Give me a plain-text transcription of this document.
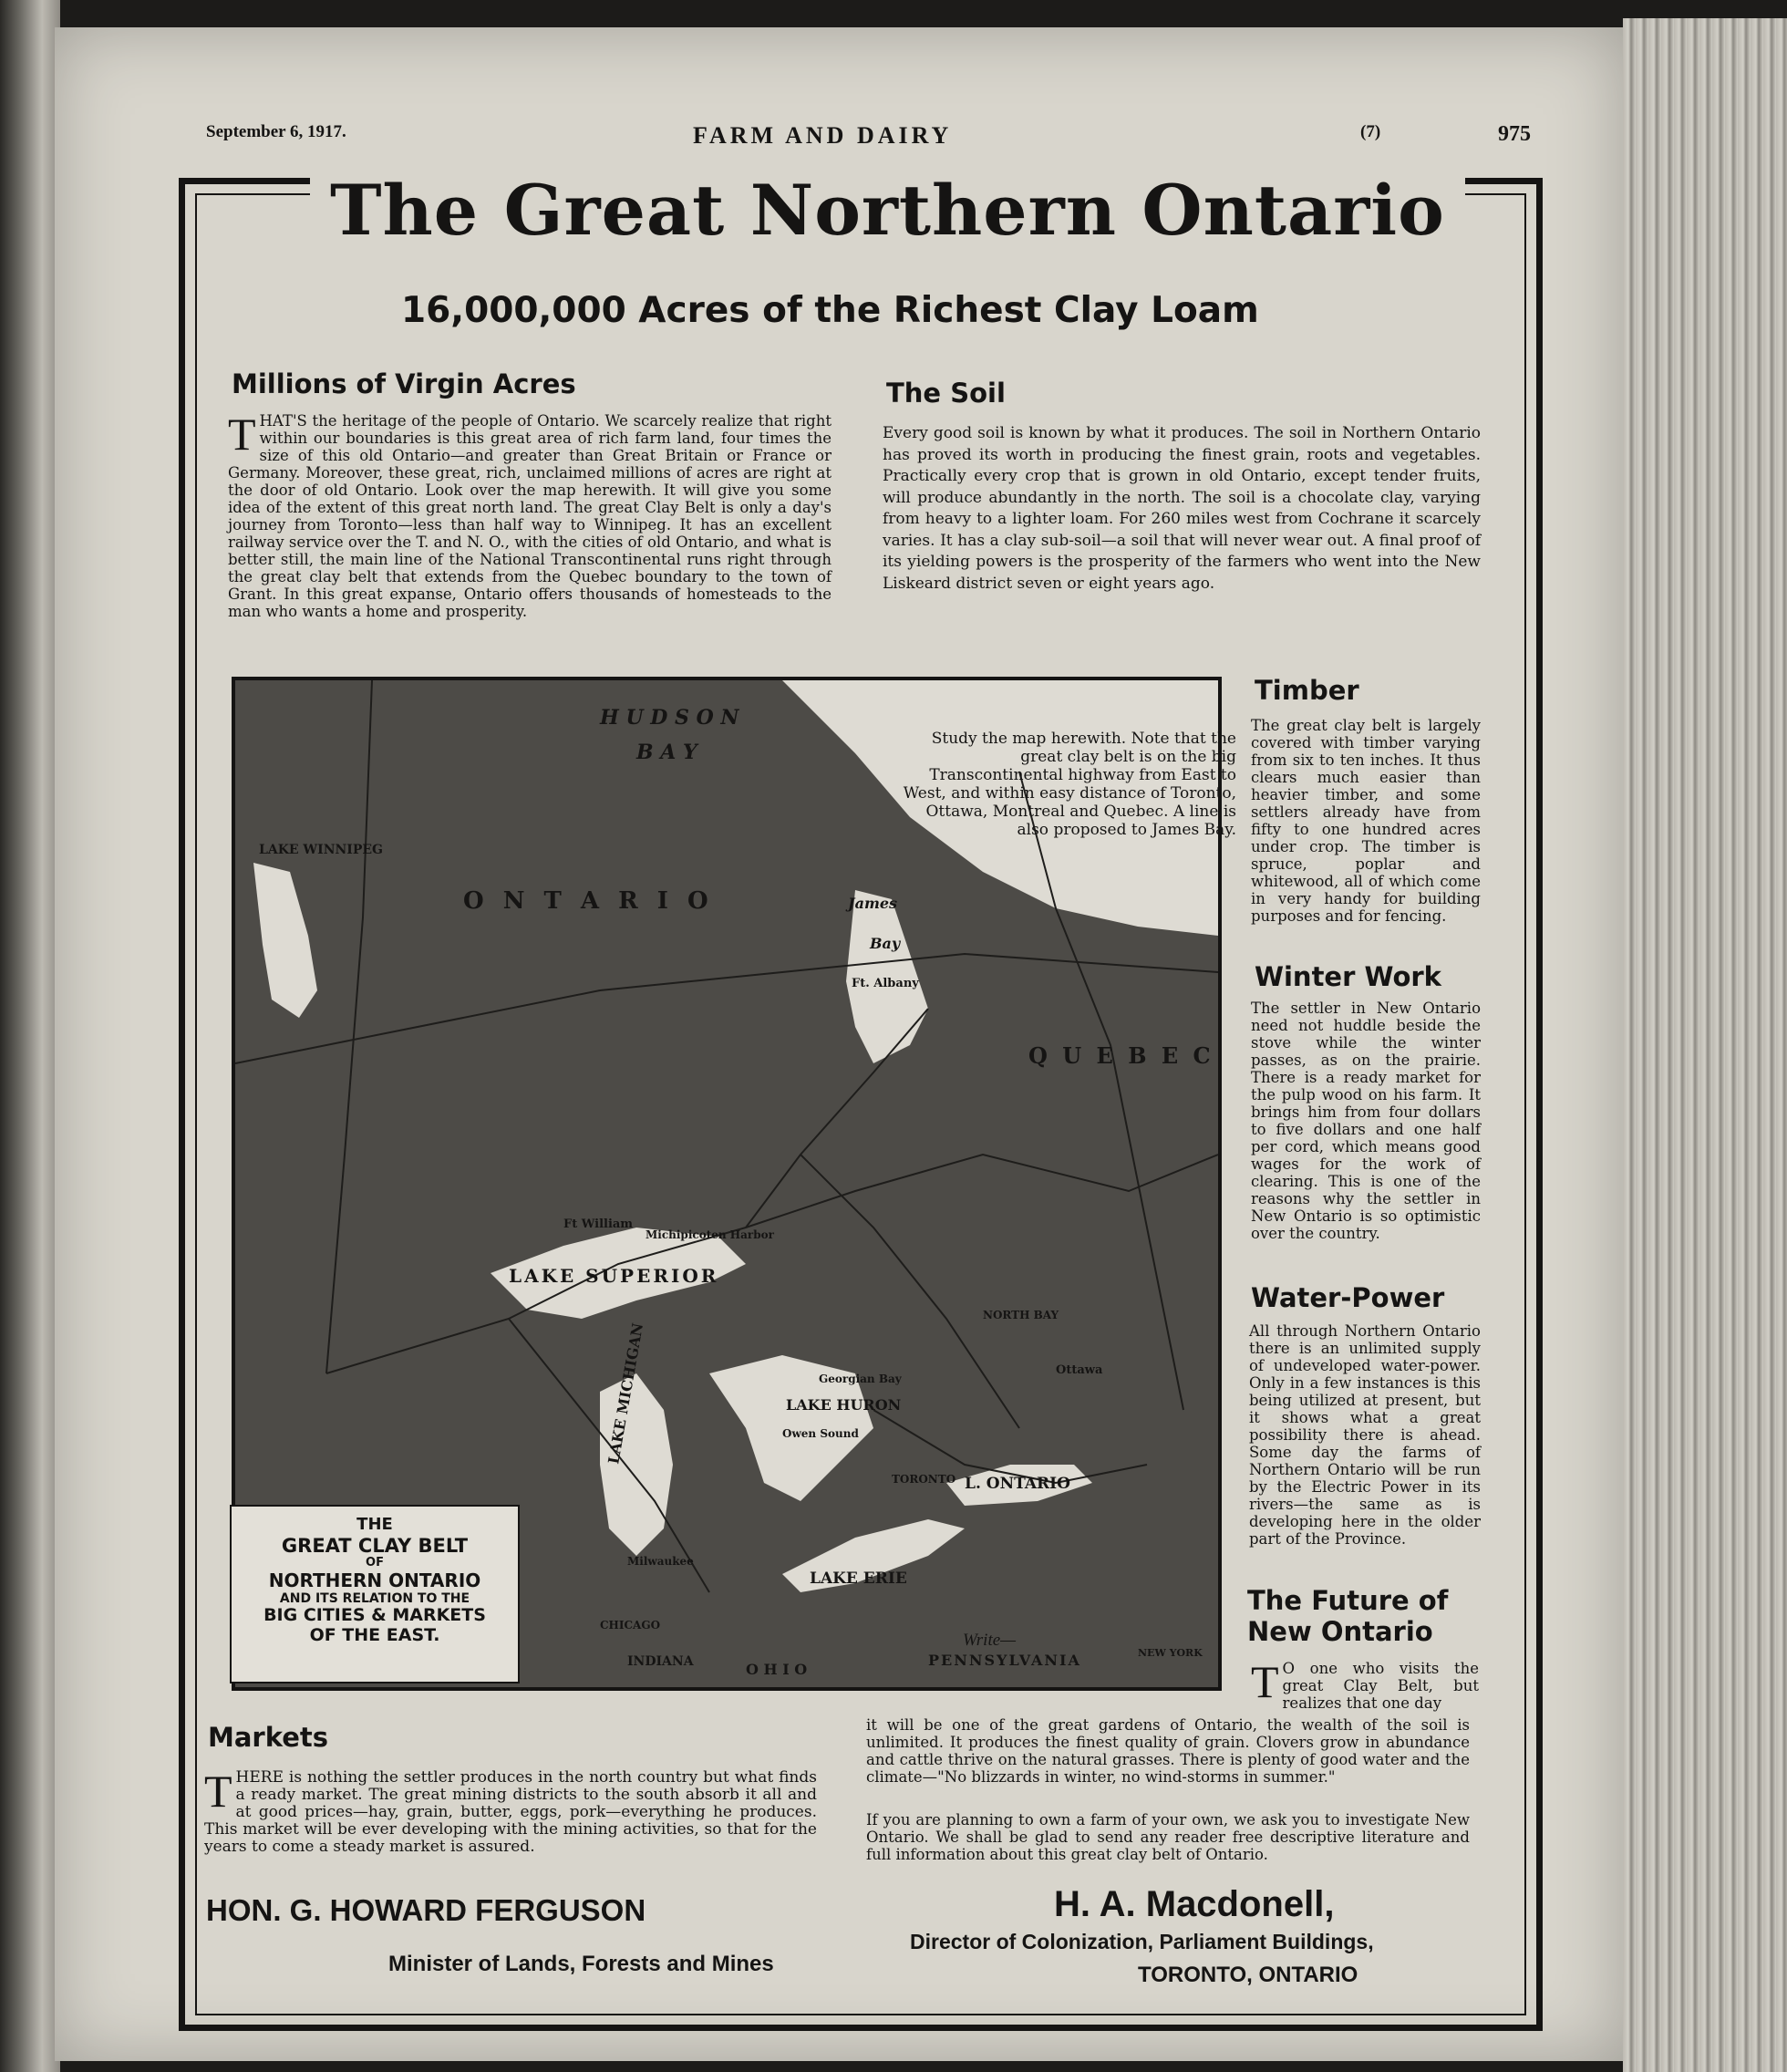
September 6, 1917.	FARM AND DAIRY	(7)	975
The Great Northern Ontario
16,000,000 Acres of the Richest Clay Loam
Millions of Virgin Acres
THAT'S the heritage of the people of Ontario. We scarcely realize that right within our boundaries is this great area of rich farm land, four times the size of this old Ontario—and greater than Great Britain or France or Germany. Moreover, these great, rich, unclaimed millions of acres are right at the door of old Ontario. Look over the map herewith. It will give you some idea of the extent of this great north land. The great Clay Belt is only a day's journey from Toronto—less than half way to Winnipeg. It has an excellent railway service over the T. and N. O., with the cities of old Ontario, and what is better still, the main line of the National Transcontinental runs right through the great clay belt that extends from the Quebec boundary to the town of Grant. In this great expanse, Ontario offers thousands of homesteads to the man who wants a home and prosperity.
The Soil
Every good soil is known by what it produces. The soil in Northern Ontario has proved its worth in producing the finest grain, roots and vegetables. Practically every crop that is grown in old Ontario, except tender fruits, will produce abundantly in the north. The soil is a chocolate clay, varying from heavy to a lighter loam. For 260 miles west from Cochrane it scarcely varies. It has a clay sub-soil—a soil that will never wear out. A final proof of its yielding powers is the prosperity of the farmers who went into the New Liskeard district seven or eight years ago.
H U D S O N
B A Y
James
Bay
Ft. Albany
LAKE WINNIPEG
O N T A R I O
Q U E B E C
Ft William
Michipicoten Harbor
LAKE SUPERIOR
LAKE MICHIGAN	LAKE HURON
Owen Sound
Georgian Bay
L. ONTARIO
LAKE ERIE
TORONTO
Ottawa
NORTH BAY
Milwaukee
CHICAGO
INDIANA	O H I O
PENNSYLVANIA	NEW YORK
THE
GREAT CLAY BELT
OF
NORTHERN ONTARIO
AND ITS RELATION TO THE
BIG CITIES & MARKETS
OF THE EAST.
Study the map herewith. Note that the great clay belt is on the big Transcontinental highway from East to West, and within easy distance of Toronto, Ottawa, Montreal and Quebec. A line is also proposed to James Bay.
Timber
The great clay belt is largely covered with timber varying from six to ten inches. It thus clears much easier than heavier timber, and some settlers already have from fifty to one hundred acres under crop. The timber is spruce, poplar and whitewood, all of which come in very handy for building purposes and for fencing.
Winter Work
The settler in New Ontario need not huddle beside the stove while the winter passes, as on the prairie. There is a ready market for the pulp wood on his farm. It brings him from four dollars to five dollars and one half per cord, which means good wages for the work of clearing. This is one of the reasons why the settler in New Ontario is so optimistic over the country.
Water-Power
All through Northern Ontario there is an unlimited supply of undeveloped water-power. Only in a few instances is this being utilized at present, but it shows what a great possibility there is ahead. Some day the farms of Northern Ontario will be run by the Electric Power in its rivers—the same as is developing here in the older part of the Province.
The Future of
New Ontario
T O one who visits the great Clay Belt, but realizes that one day
it will be one of the great gardens of Ontario, the wealth of the soil is unlimited. It produces the finest quality of grain. Clovers grow in abundance and cattle thrive on the natural grasses. There is plenty of good water and the climate—"No blizzards in winter, no wind-storms in summer."
If you are planning to own a farm of your own, we ask you to investigate New Ontario. We shall be glad to send any reader free descriptive literature and full information about this great clay belt of Ontario.
Markets
THERE is nothing the settler produces in the north country but what finds a ready market. The great mining districts to the south absorb it all and at good prices—hay, grain, butter, eggs, pork—everything he produces. This market will be ever developing with the mining activities, so that for the years to come a steady market is assured.
HON. G. HOWARD FERGUSON
Minister of Lands, Forests and Mines
Write—
H. A. Macdonell,
Director of Colonization, Parliament Buildings,
TORONTO, ONTARIO
